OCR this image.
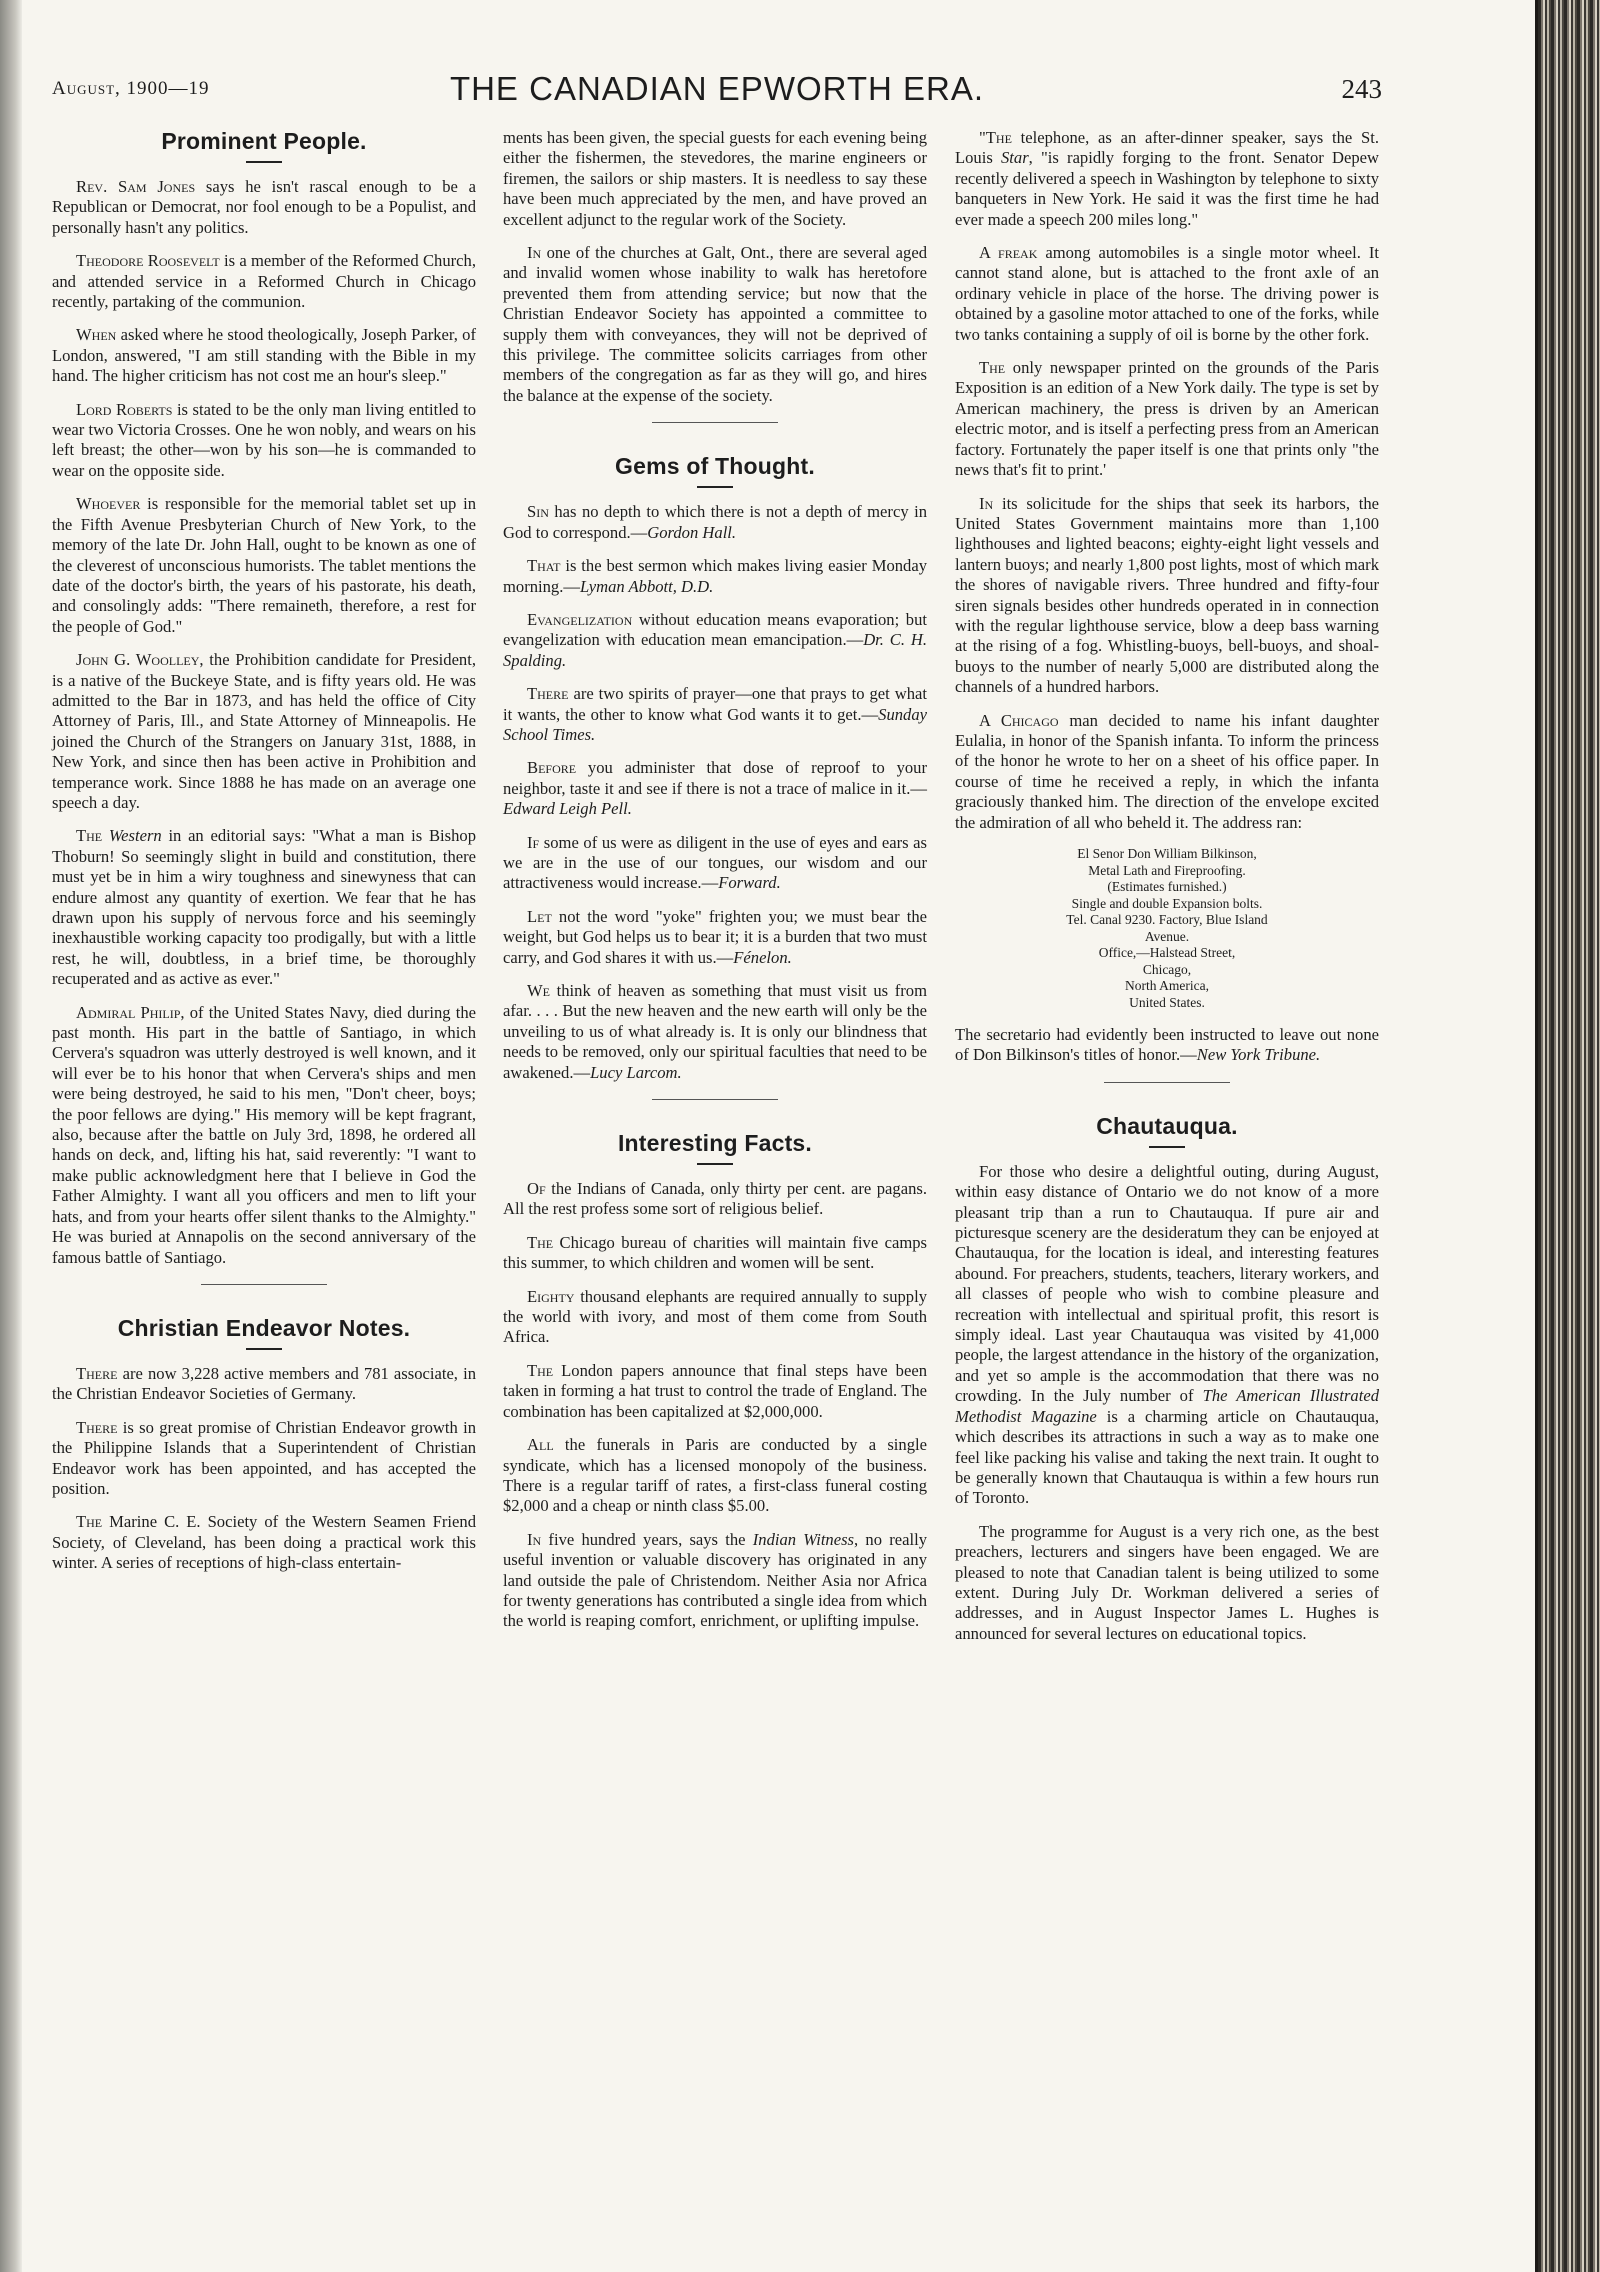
August, 1900—19	THE CANADIAN EPWORTH ERA.	243
Prominent People.

Rev. Sam Jones says he isn't rascal enough to be a Republican or Democrat, nor fool enough to be a Populist, and personally hasn't any politics.

Theodore Roosevelt is a member of the Reformed Church, and attended service in a Reformed Church in Chicago recently, partaking of the communion.

When asked where he stood theologically, Joseph Parker, of London, answered, "I am still standing with the Bible in my hand. The higher criticism has not cost me an hour's sleep."

Lord Roberts is stated to be the only man living entitled to wear two Victoria Crosses. One he won nobly, and wears on his left breast; the other—won by his son—he is commanded to wear on the opposite side.

Whoever is responsible for the memorial tablet set up in the Fifth Avenue Presbyterian Church of New York, to the memory of the late Dr. John Hall, ought to be known as one of the cleverest of unconscious humorists. The tablet mentions the date of the doctor's birth, the years of his pastorate, his death, and consolingly adds: "There remaineth, therefore, a rest for the people of God."

John G. Woolley, the Prohibition candidate for President, is a native of the Buckeye State, and is fifty years old. He was admitted to the Bar in 1873, and has held the office of City Attorney of Paris, Ill., and State Attorney of Minneapolis. He joined the Church of the Strangers on January 31st, 1888, in New York, and since then has been active in Prohibition and temperance work. Since 1888 he has made on an average one speech a day.

The Western in an editorial says: "What a man is Bishop Thoburn! So seemingly slight in build and constitution, there must yet be in him a wiry toughness and sinewyness that can endure almost any quantity of exertion. We fear that he has drawn upon his supply of nervous force and his seemingly inexhaustible working capacity too prodigally, but with a little rest, he will, doubtless, in a brief time, be thoroughly recuperated and as active as ever."

Admiral Philip, of the United States Navy, died during the past month. His part in the battle of Santiago, in which Cervera's squadron was utterly destroyed is well known, and it will ever be to his honor that when Cervera's ships and men were being destroyed, he said to his men, "Don't cheer, boys; the poor fellows are dying." His memory will be kept fragrant, also, because after the battle on July 3rd, 1898, he ordered all hands on deck, and, lifting his hat, said reverently: "I want to make public acknowledgment here that I believe in God the Father Almighty. I want all you officers and men to lift your hats, and from your hearts offer silent thanks to the Almighty." He was buried at Annapolis on the second anniversary of the famous battle of Santiago.

Christian Endeavor Notes.

There are now 3,228 active members and 781 associate, in the Christian Endeavor Societies of Germany.

There is so great promise of Christian Endeavor growth in the Philippine Islands that a Superintendent of Christian Endeavor work has been appointed, and has accepted the position.

The Marine C. E. Society of the Western Seamen Friend Society, of Cleveland, has been doing a practical work this winter. A series of receptions of high-class entertain-

ments has been given, the special guests for each evening being either the fishermen, the stevedores, the marine engineers or firemen, the sailors or ship masters. It is needless to say these have been much appreciated by the men, and have proved an excellent adjunct to the regular work of the Society.

In one of the churches at Galt, Ont., there are several aged and invalid women whose inability to walk has heretofore prevented them from attending service; but now that the Christian Endeavor Society has appointed a committee to supply them with conveyances, they will not be deprived of this privilege. The committee solicits carriages from other members of the congregation as far as they will go, and hires the balance at the expense of the society.

Gems of Thought.

Sin has no depth to which there is not a depth of mercy in God to correspond.—Gordon Hall.

That is the best sermon which makes living easier Monday morning.—Lyman Abbott, D.D.

Evangelization without education means evaporation; but evangelization with education mean emancipation.—Dr. C. H. Spalding.

There are two spirits of prayer—one that prays to get what it wants, the other to know what God wants it to get.—Sunday School Times.

Before you administer that dose of reproof to your neighbor, taste it and see if there is not a trace of malice in it.—Edward Leigh Pell.

If some of us were as diligent in the use of eyes and ears as we are in the use of our tongues, our wisdom and our attractiveness would increase.—Forward.

Let not the word "yoke" frighten you; we must bear the weight, but God helps us to bear it; it is a burden that two must carry, and God shares it with us.—Fénelon.

We think of heaven as something that must visit us from afar. . . . But the new heaven and the new earth will only be the unveiling to us of what already is. It is only our blindness that needs to be removed, only our spiritual faculties that need to be awakened.—Lucy Larcom.

Interesting Facts.

Of the Indians of Canada, only thirty per cent. are pagans. All the rest profess some sort of religious belief.

The Chicago bureau of charities will maintain five camps this summer, to which children and women will be sent.

Eighty thousand elephants are required annually to supply the world with ivory, and most of them come from South Africa.

The London papers announce that final steps have been taken in forming a hat trust to control the trade of England. The combination has been capitalized at $2,000,000.

All the funerals in Paris are conducted by a single syndicate, which has a licensed monopoly of the business. There is a regular tariff of rates, a first-class funeral costing $2,000 and a cheap or ninth class $5.00.

In five hundred years, says the Indian Witness, no really useful invention or valuable discovery has originated in any land outside the pale of Christendom. Neither Asia nor Africa for twenty generations has contributed a single idea from which the world is reaping comfort, enrichment, or uplifting impulse.

"The telephone, as an after-dinner speaker, says the St. Louis Star, "is rapidly forging to the front. Senator Depew recently delivered a speech in Washington by telephone to sixty banqueters in New York. He said it was the first time he had ever made a speech 200 miles long."

A freak among automobiles is a single motor wheel. It cannot stand alone, but is attached to the front axle of an ordinary vehicle in place of the horse. The driving power is obtained by a gasoline motor attached to one of the forks, while two tanks containing a supply of oil is borne by the other fork.

The only newspaper printed on the grounds of the Paris Exposition is an edition of a New York daily. The type is set by American machinery, the press is driven by an American electric motor, and is itself a perfecting press from an American factory. Fortunately the paper itself is one that prints only "the news that's fit to print.'

In its solicitude for the ships that seek its harbors, the United States Government maintains more than 1,100 lighthouses and lighted beacons; eighty-eight light vessels and lantern buoys; and nearly 1,800 post lights, most of which mark the shores of navigable rivers. Three hundred and fifty-four siren signals besides other hundreds operated in in connection with the regular lighthouse service, blow a deep bass warning at the rising of a fog. Whistling-buoys, bell-buoys, and shoal-buoys to the number of nearly 5,000 are distributed along the channels of a hundred harbors.

A Chicago man decided to name his infant daughter Eulalia, in honor of the Spanish infanta. To inform the princess of the honor he wrote to her on a sheet of his office paper. In course of time he received a reply, in which the infanta graciously thanked him. The direction of the envelope excited the admiration of all who beheld it. The address ran:

El Senor Don William Bilkinson,
Metal Lath and Fireproofing.
(Estimates furnished.)
Single and double Expansion bolts.
Tel. Canal 9230. Factory, Blue Island
Avenue.
Office,—Halstead Street,
Chicago,
North America,
United States.

The secretario had evidently been instructed to leave out none of Don Bilkinson's titles of honor.—New York Tribune.

Chautauqua.

For those who desire a delightful outing, during August, within easy distance of Ontario we do not know of a more pleasant trip than a run to Chautauqua. If pure air and picturesque scenery are the desideratum they can be enjoyed at Chautauqua, for the location is ideal, and interesting features abound. For preachers, students, teachers, literary workers, and all classes of people who wish to combine pleasure and recreation with intellectual and spiritual profit, this resort is simply ideal. Last year Chautauqua was visited by 41,000 people, the largest attendance in the history of the organization, and yet so ample is the accommodation that there was no crowding. In the July number of The American Illustrated Methodist Magazine is a charming article on Chautauqua, which describes its attractions in such a way as to make one feel like packing his valise and taking the next train. It ought to be generally known that Chautauqua is within a few hours run of Toronto.

The programme for August is a very rich one, as the best preachers, lecturers and singers have been engaged. We are pleased to note that Canadian talent is being utilized to some extent. During July Dr. Workman delivered a series of addresses, and in August Inspector James L. Hughes is announced for several lectures on educational topics.
